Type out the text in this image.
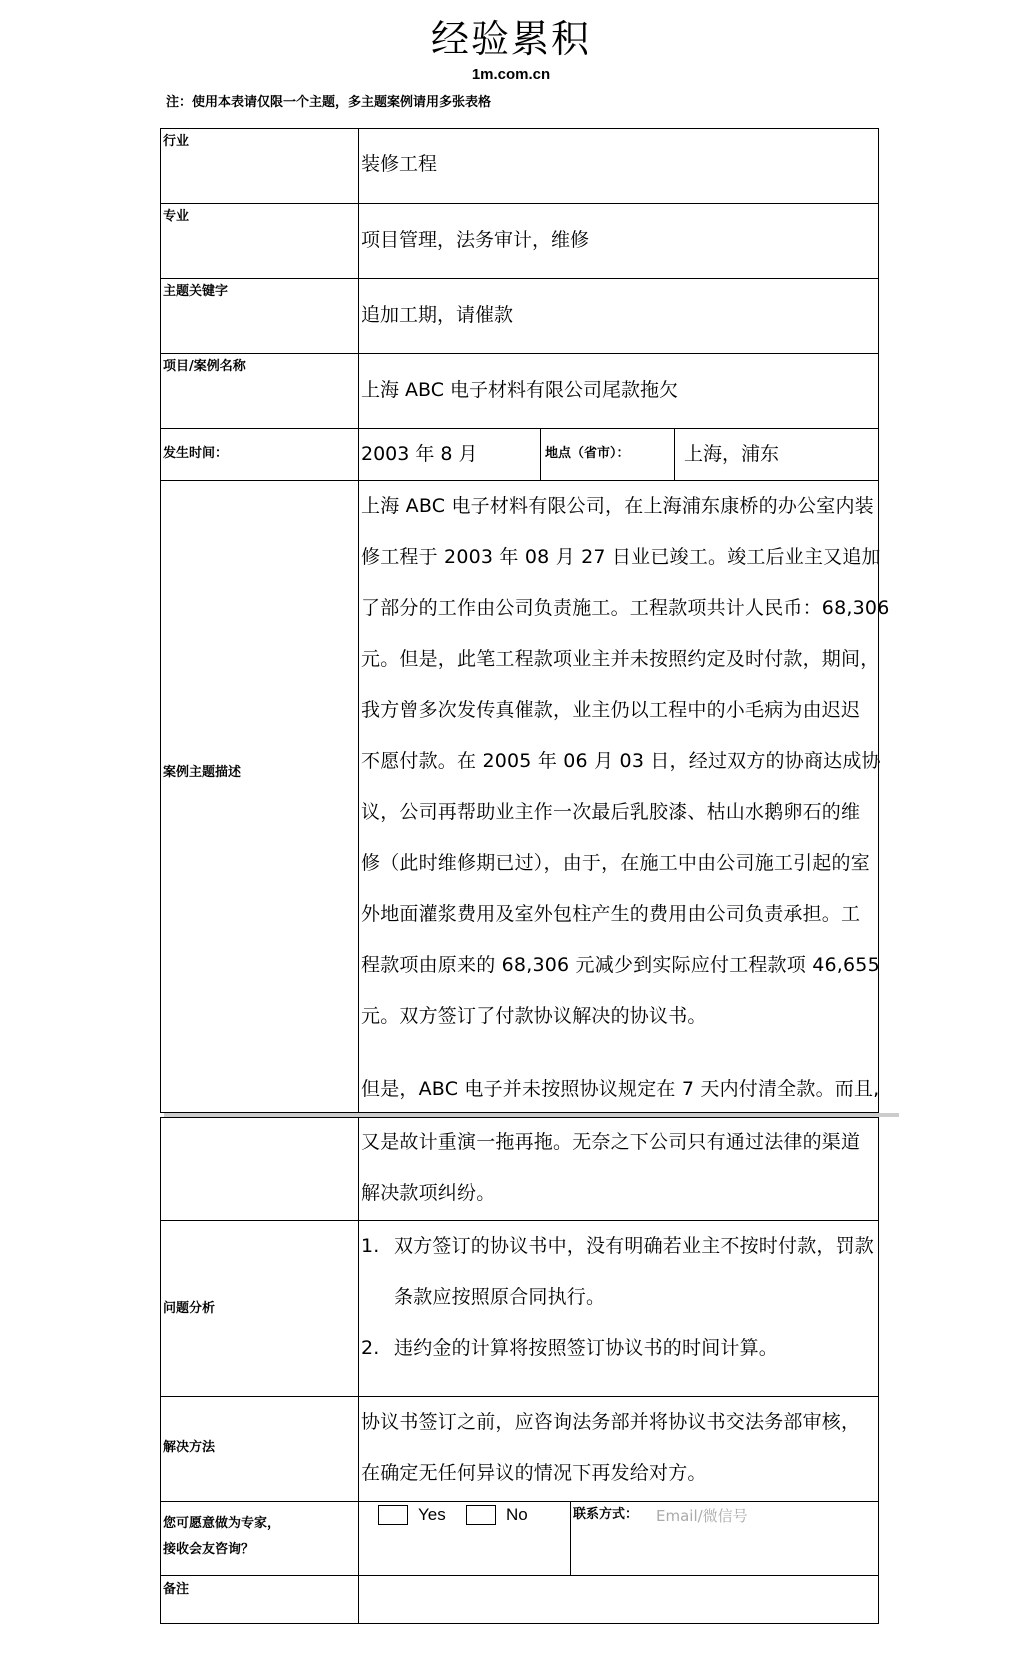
经验累积
1m.com.cn
注：使用本表请仅限一个主题，多主题案例请用多张表格
行业
装修工程
专业
项目管理，法务审计，维修
主题关键字
追加工期，请催款
项目/案例名称
上海 ABC 电子材料有限公司尾款拖欠
发生时间：	2003 年 8 月	地点（省市）：	上海，浦东
案例主题描述
上海 ABC 电子材料有限公司，在上海浦东康桥的办公室内装
修工程于 2003 年 08 月 27 日业已竣工。竣工后业主又追加
了部分的工作由公司负责施工。工程款项共计人民币：68,306
元。但是，此笔工程款项业主并未按照约定及时付款，期间，
我方曾多次发传真催款，业主仍以工程中的小毛病为由迟迟
不愿付款。在 2005 年 06 月 03 日，经过双方的协商达成协
议，公司再帮助业主作一次最后乳胶漆、枯山水鹅卵石的维
修（此时维修期已过），由于，在施工中由公司施工引起的室
外地面灌浆费用及室外包柱产生的费用由公司负责承担。工
程款项由原来的 68,306 元减少到实际应付工程款项 46,655
元。双方签订了付款协议解决的协议书。
但是，ABC 电子并未按照协议规定在 7 天内付清全款。而且,
又是故计重演一拖再拖。无奈之下公司只有通过法律的渠道
解决款项纠纷。
问题分析
1. 双方签订的协议书中，没有明确若业主不按时付款，罚款
条款应按照原合同执行。
2. 违约金的计算将按照签订协议书的时间计算。
解决方法
协议书签订之前，应咨询法务部并将协议书交法务部审核，
在确定无任何异议的情况下再发给对方。
您可愿意做为专家，
接收会友咨询？
Yes	No	联系方式： Email/微信号
备注
